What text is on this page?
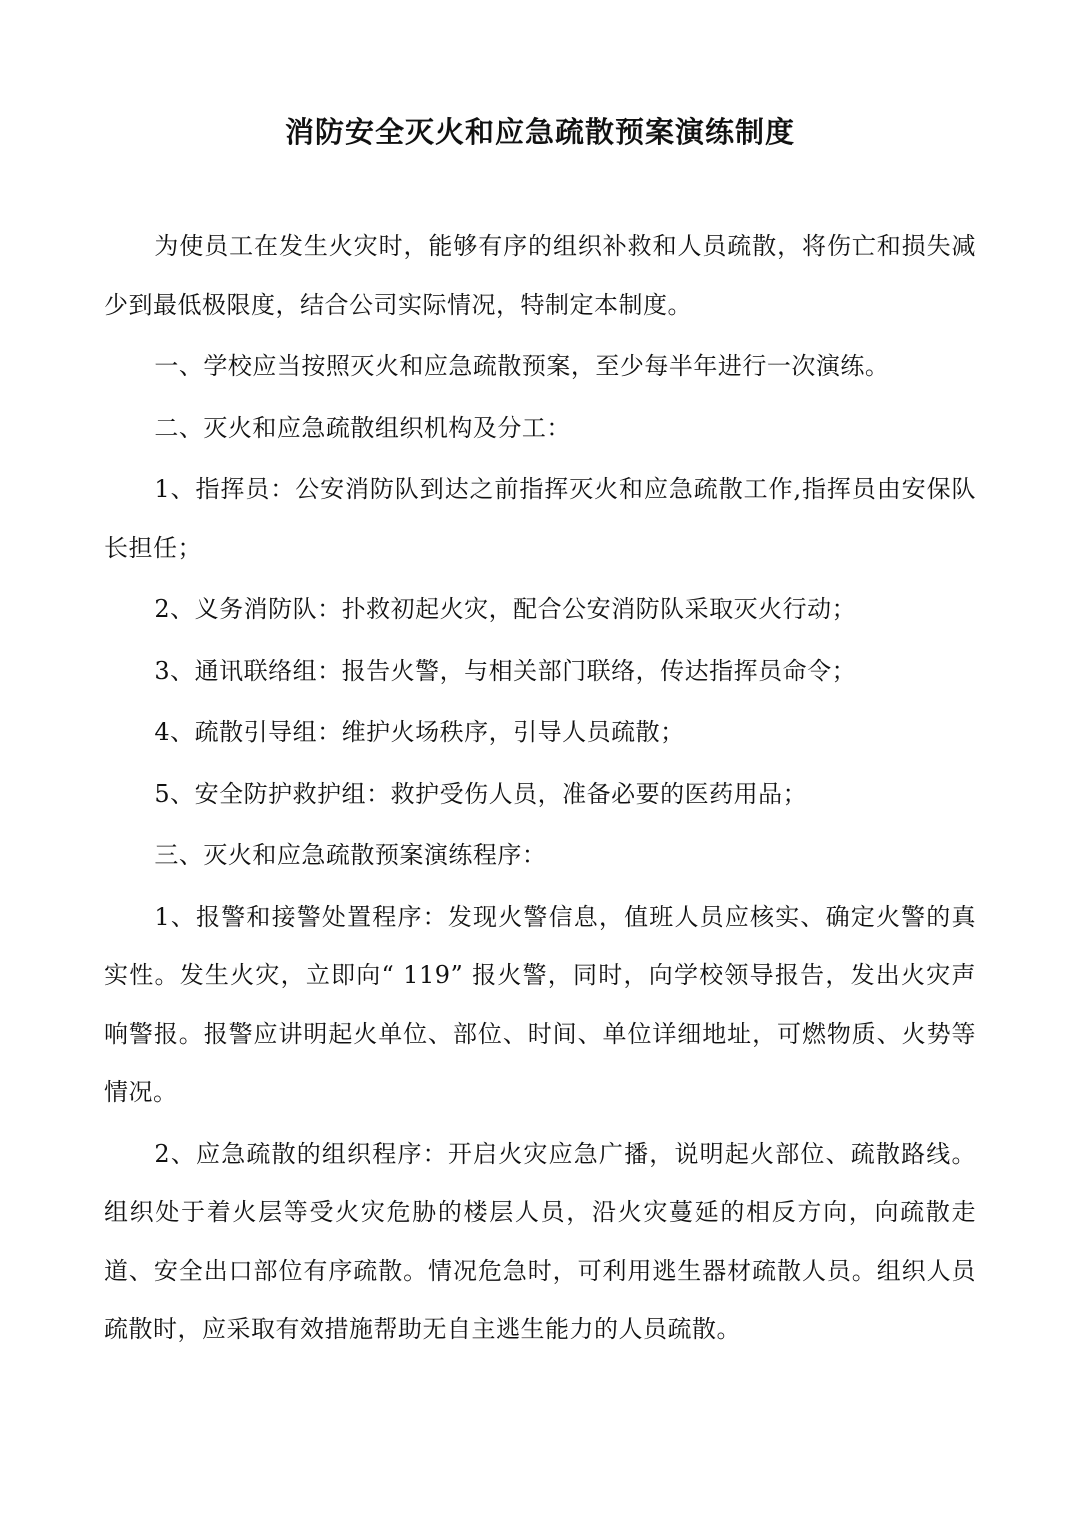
消防安全灭火和应急疏散预案演练制度

为使员工在发生火灾时，能够有序的组织补救和人员疏散，将伤亡和损失减少到最低极限度，结合公司实际情况，特制定本制度。

一、学校应当按照灭火和应急疏散预案，至少每半年进行一次演练。

二、灭火和应急疏散组织机构及分工：

1、指挥员：公安消防队到达之前指挥灭火和应急疏散工作,指挥员由安保队长担任；

2、义务消防队：扑救初起火灾，配合公安消防队采取灭火行动；

3、通讯联络组：报告火警，与相关部门联络，传达指挥员命令；

4、疏散引导组：维护火场秩序，引导人员疏散；

5、安全防护救护组：救护受伤人员，准备必要的医药用品；

三、灭火和应急疏散预案演练程序：

1、报警和接警处置程序：发现火警信息，值班人员应核实、确定火警的真实性。发生火灾，立即向“ 119” 报火警，同时，向学校领导报告，发出火灾声响警报。报警应讲明起火单位、部位、时间、单位详细地址，可燃物质、火势等情况。

2、应急疏散的组织程序：开启火灾应急广播，说明起火部位、疏散路线。组织处于着火层等受火灾危胁的楼层人员，沿火灾蔓延的相反方向，向疏散走道、安全出口部位有序疏散。情况危急时，可利用逃生器材疏散人员。组织人员疏散时，应采取有效措施帮助无自主逃生能力的人员疏散。
